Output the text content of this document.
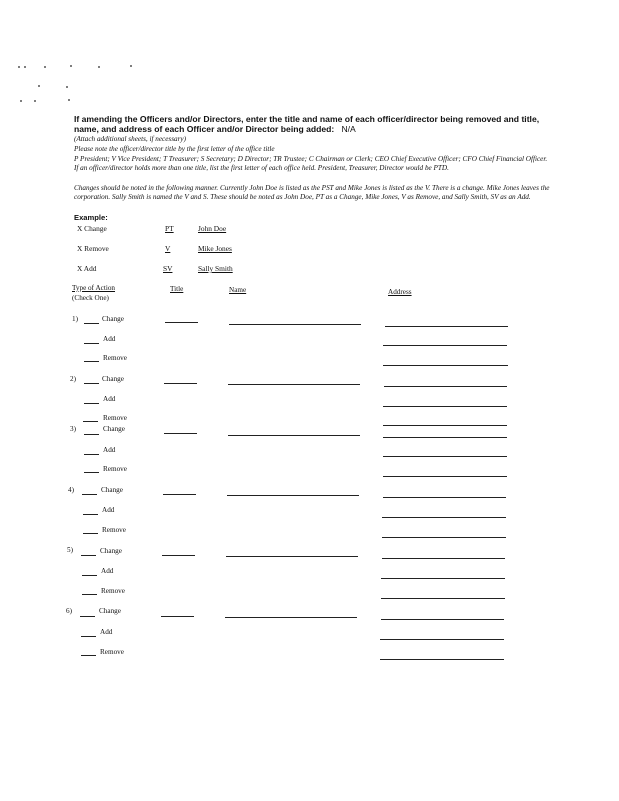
If amending the Officers and/or Directors, enter the title and name of each officer/director being removed and title, name, and address of each Officer and/or Director being added: N/A
(Attach additional sheets, if necessary)
Please note the officer/director title by the first letter of the office title
P President; V Vice President; T Treasurer; S Secretary; D Director; TR Trustee; C Chairman or Clerk; CEO Chief Executive Officer; CFO Chief Financial Officer. If an officer/director holds more than one title, list the first letter of each office held. President, Treasurer, Director would be PTD.
Changes should be noted in the following manner. Currently John Doe is listed as the PST and Mike Jones is listed as the V. There is a change. Mike Jones leaves the corporation. Sally Smith is named the V and S. These should be noted as John Doe, PT as a Change, Mike Jones, V as Remove, and Sally Smith, SV as an Add.
Example:
X Change	PT	John Doe
X Remove	V	Mike Jones
X Add	SV	Sally Smith
Type of Action
(Check One)
Title	Name	Address
1)	Change
Add
Remove
2)	Change
Add
Remove
3)	Change
Add
Remove
4)	Change
Add
Remove
5)	Change
Add
Remove
6)	Change
Add
Remove
